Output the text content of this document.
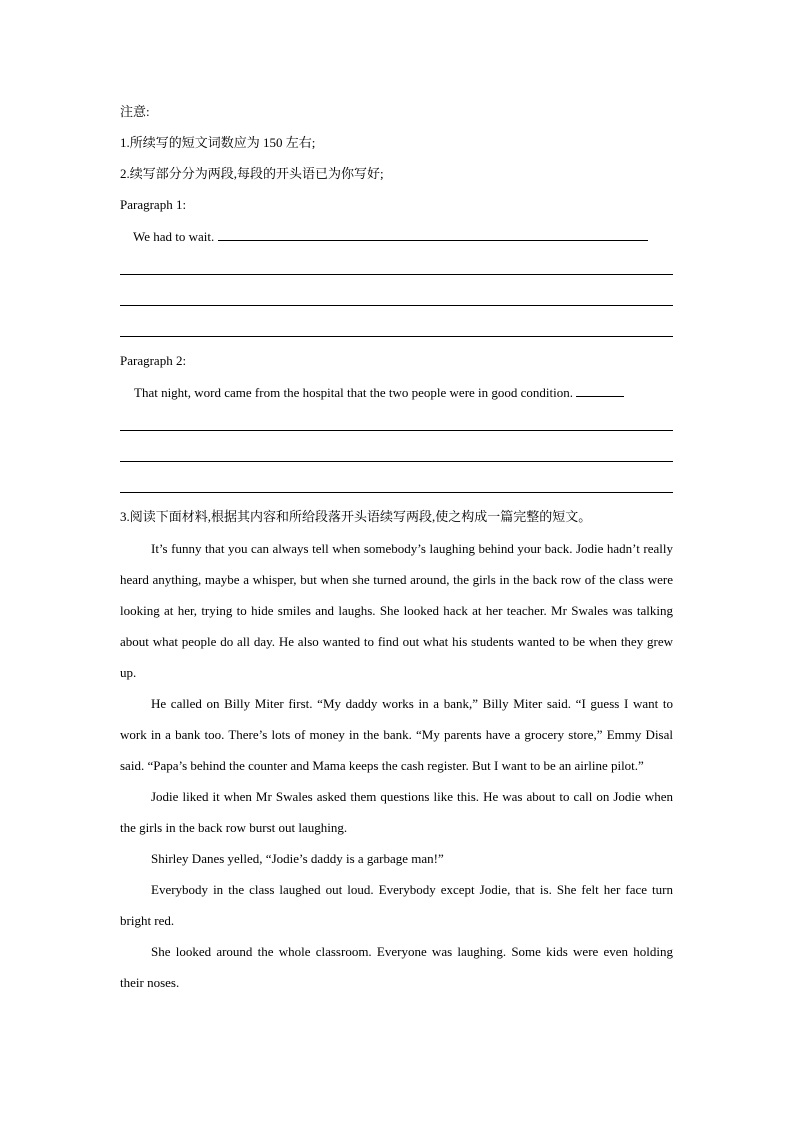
注意:
1.所续写的短文词数应为 150 左右;
2.续写部分分为两段,每段的开头语已为你写好;
Paragraph 1:
We had to wait.
Paragraph 2:
That night, word came from the hospital that the two people were in good condition.
3.阅读下面材料,根据其内容和所给段落开头语续写两段,使之构成一篇完整的短文。

It’s funny that you can always tell when somebody’s laughing behind your back. Jodie hadn’t really heard anything, maybe a whisper, but when she turned around, the girls in the back row of the class were looking at her, trying to hide smiles and laughs. She looked hack at her teacher. Mr Swales was talking about what people do all day. He also wanted to find out what his students wanted to be when they grew up.

He called on Billy Miter first. “My daddy works in a bank,” Billy Miter said. “I guess I want to work in a bank too. There’s lots of money in the bank. “My parents have a grocery store,” Emmy Disal said. “Papa’s behind the counter and Mama keeps the cash register. But I want to be an airline pilot.”

Jodie liked it when Mr Swales asked them questions like this. He was about to call on Jodie when the girls in the back row burst out laughing.

Shirley Danes yelled, “Jodie’s daddy is a garbage man!”

Everybody in the class laughed out loud. Everybody except Jodie, that is. She felt her face turn bright red.

She looked around the whole classroom. Everyone was laughing. Some kids were even holding their noses.
